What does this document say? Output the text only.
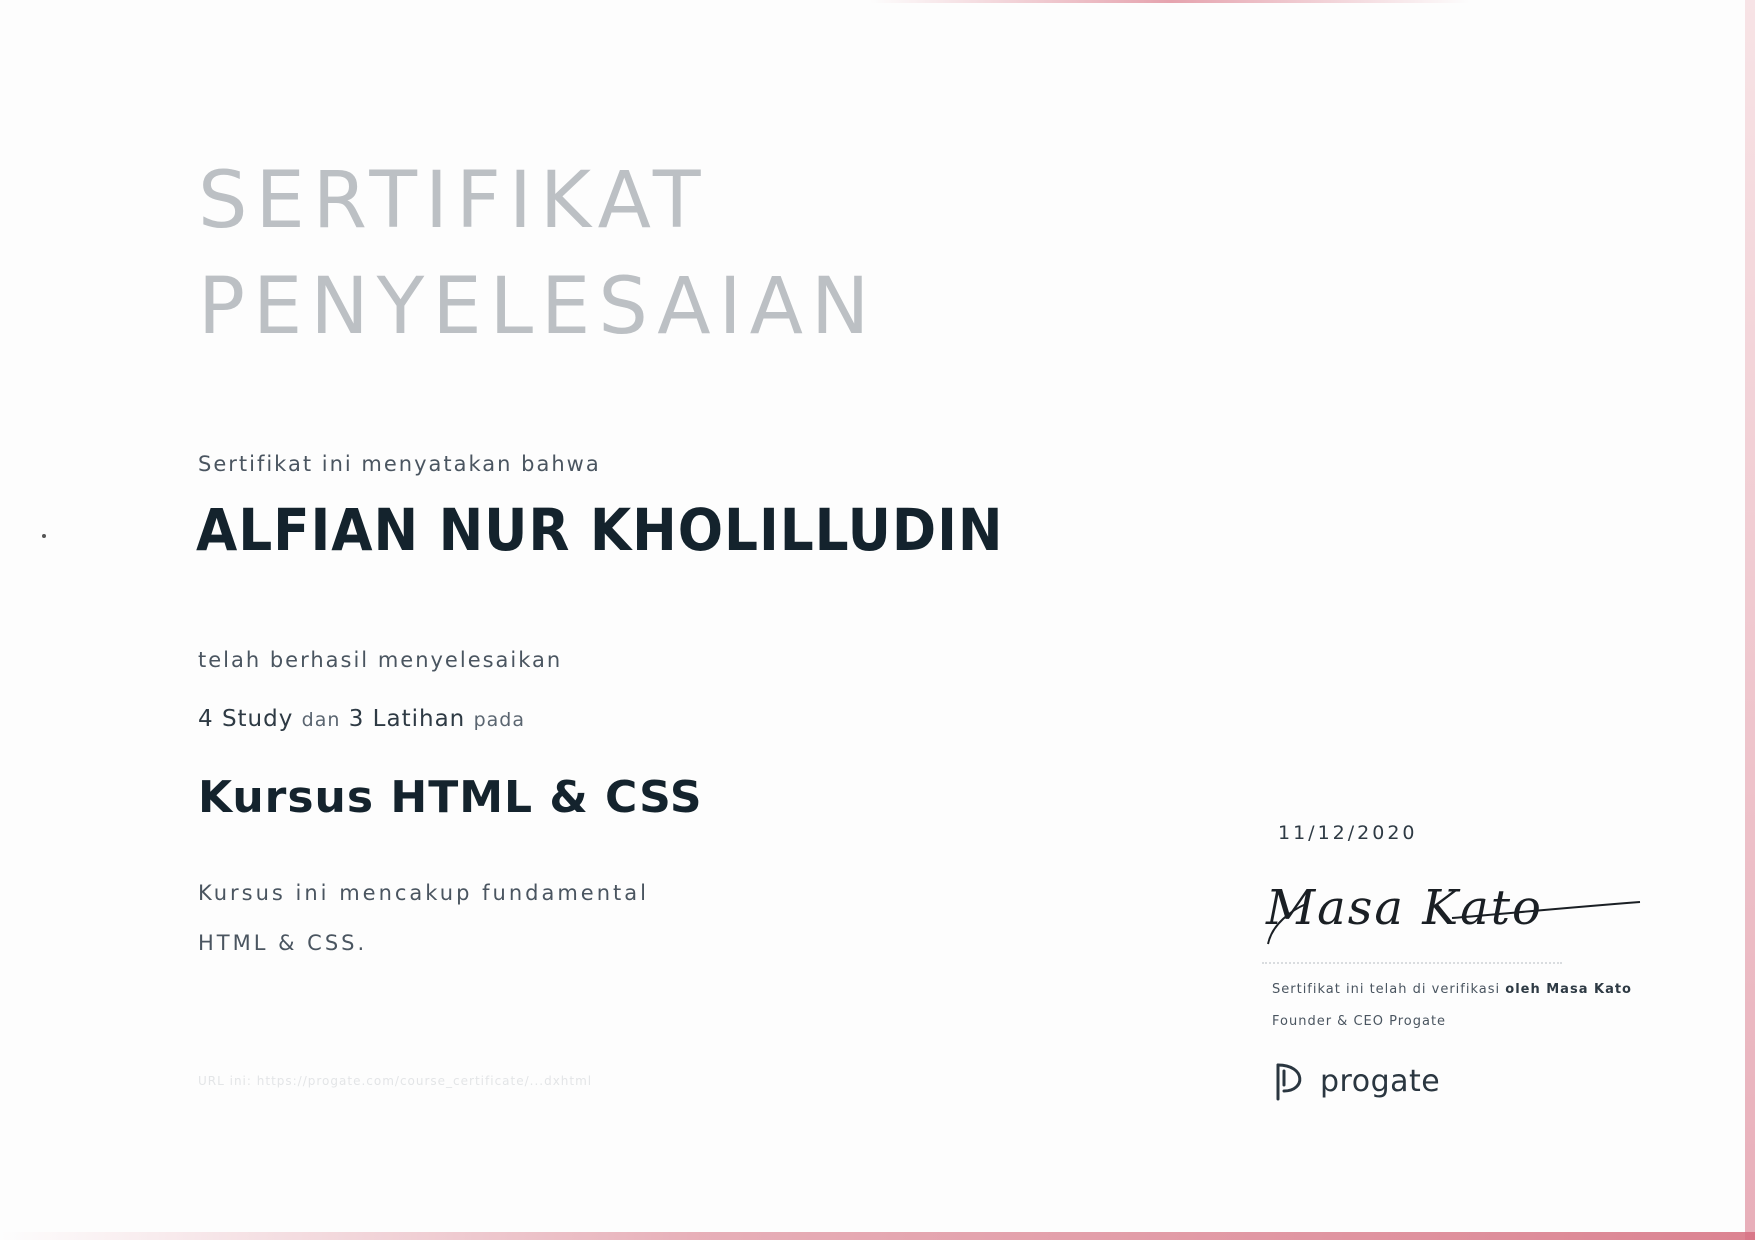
SERTIFIKAT
PENYELESAIAN
Sertifikat ini menyatakan bahwa
ALFIAN NUR KHOLILLUDIN
telah berhasil menyelesaikan
4 Study dan 3 Latihan pada
Kursus HTML & CSS
Kursus ini mencakup fundamental HTML & CSS.
URL ini: https://progate.com/course_certificate/...dxhtml
11/12/2020
Masa Kato
Sertifikat ini telah di verifikasi oleh Masa Kato
Founder & CEO Progate
progate
